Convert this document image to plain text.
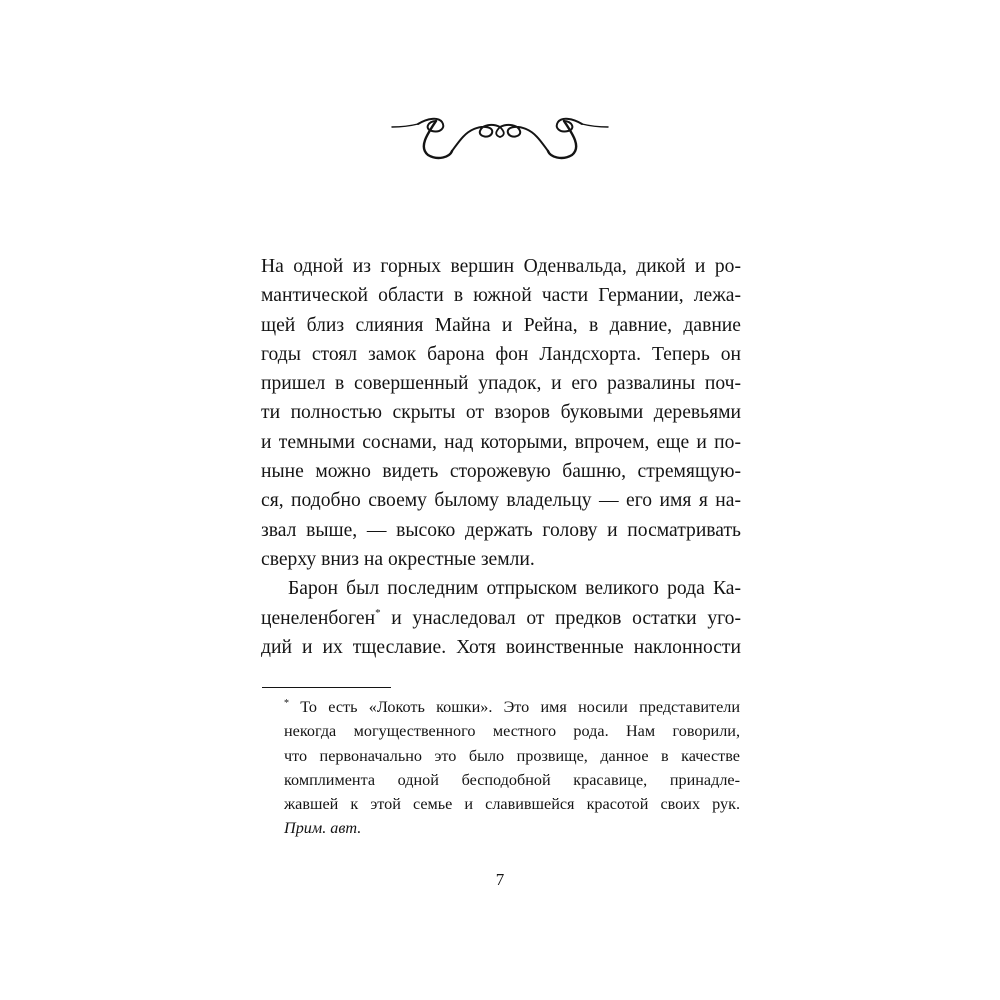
На одной из горных вершин Оденвальда, дикой и ро-
мантической области в южной части Германии, лежа-
щей близ слияния Майна и Рейна, в давние, давние
годы стоял замок барона фон Ландсхорта. Теперь он
пришел в совершенный упадок, и его развалины поч-
ти полностью скрыты от взоров буковыми деревьями
и темными соснами, над которыми, впрочем, еще и по-
ныне можно видеть сторожевую башню, стремящую-
ся, подобно своему былому владельцу — его имя я на-
звал выше, — высоко держать голову и посматривать
сверху вниз на окрестные земли.
Барон был последним отпрыском великого рода Ка-
ценеленбоген* и унаследовал от предков остатки уго-
дий и их тщеславие. Хотя воинственные наклонности
* То есть «Локоть кошки». Это имя носили представители
некогда могущественного местного рода. Нам говорили,
что первоначально это было прозвище, данное в качестве
комплимента одной бесподобной красавице, принадле-
жавшей к этой семье и славившейся красотой своих рук.
Прим. авт.
7
